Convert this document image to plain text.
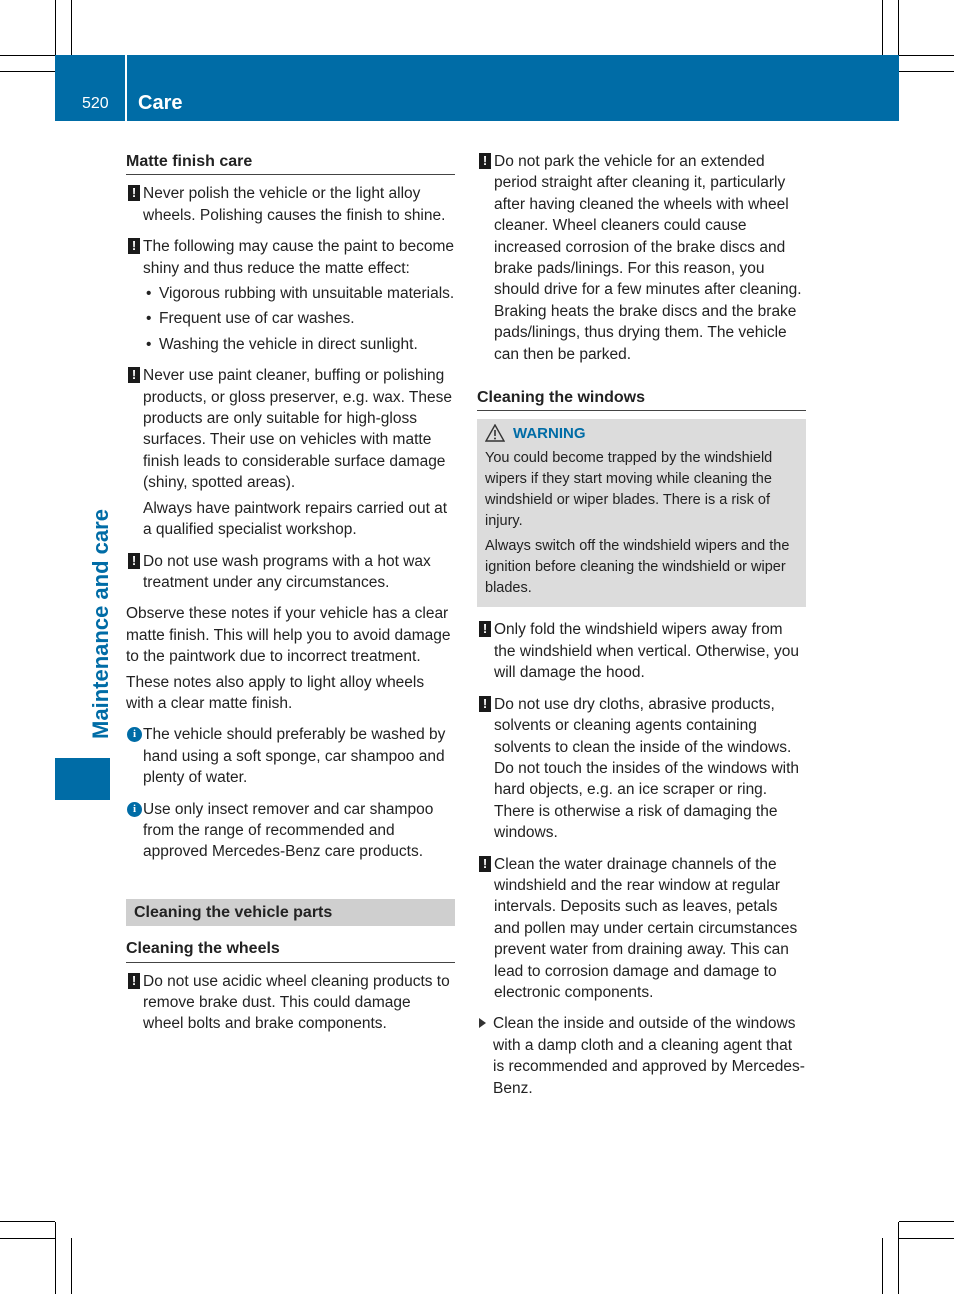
520 Care
Maintenance and care
Matte finish care
! Never polish the vehicle or the light alloy wheels. Polishing causes the finish to shine.
! The following may cause the paint to become shiny and thus reduce the matte effect:
• Vigorous rubbing with unsuitable materials.
• Frequent use of car washes.
• Washing the vehicle in direct sunlight.
! Never use paint cleaner, buffing or polishing products, or gloss preserver, e.g. wax. These products are only suitable for high-gloss surfaces. Their use on vehicles with matte finish leads to considerable surface damage (shiny, spotted areas).
Always have paintwork repairs carried out at a qualified specialist workshop.
! Do not use wash programs with a hot wax treatment under any circumstances.

Observe these notes if your vehicle has a clear matte finish. This will help you to avoid damage to the paintwork due to incorrect treatment.

These notes also apply to light alloy wheels with a clear matte finish.

i The vehicle should preferably be washed by hand using a soft sponge, car shampoo and plenty of water.
i Use only insect remover and car shampoo from the range of recommended and approved Mercedes-Benz care products.
Cleaning the vehicle parts
Cleaning the wheels
! Do not use acidic wheel cleaning products to remove brake dust. This could damage wheel bolts and brake components.
! Do not park the vehicle for an extended period straight after cleaning it, particularly after having cleaned the wheels with wheel cleaner. Wheel cleaners could cause increased corrosion of the brake discs and brake pads/linings. For this reason, you should drive for a few minutes after cleaning. Braking heats the brake discs and the brake pads/linings, thus drying them. The vehicle can then be parked.
Cleaning the windows
WARNING

You could become trapped by the windshield wipers if they start moving while cleaning the windshield or wiper blades. There is a risk of injury.

Always switch off the windshield wipers and the ignition before cleaning the windshield or wiper blades.

! Only fold the windshield wipers away from the windshield when vertical. Otherwise, you will damage the hood.
! Do not use dry cloths, abrasive products, solvents or cleaning agents containing solvents to clean the inside of the windows. Do not touch the insides of the windows with hard objects, e.g. an ice scraper or ring. There is otherwise a risk of damaging the windows.
! Clean the water drainage channels of the windshield and the rear window at regular intervals. Deposits such as leaves, petals and pollen may under certain circumstances prevent water from draining away. This can lead to corrosion damage and damage to electronic components.
Clean the inside and outside of the windows with a damp cloth and a cleaning agent that is recommended and approved by Mercedes-Benz.
